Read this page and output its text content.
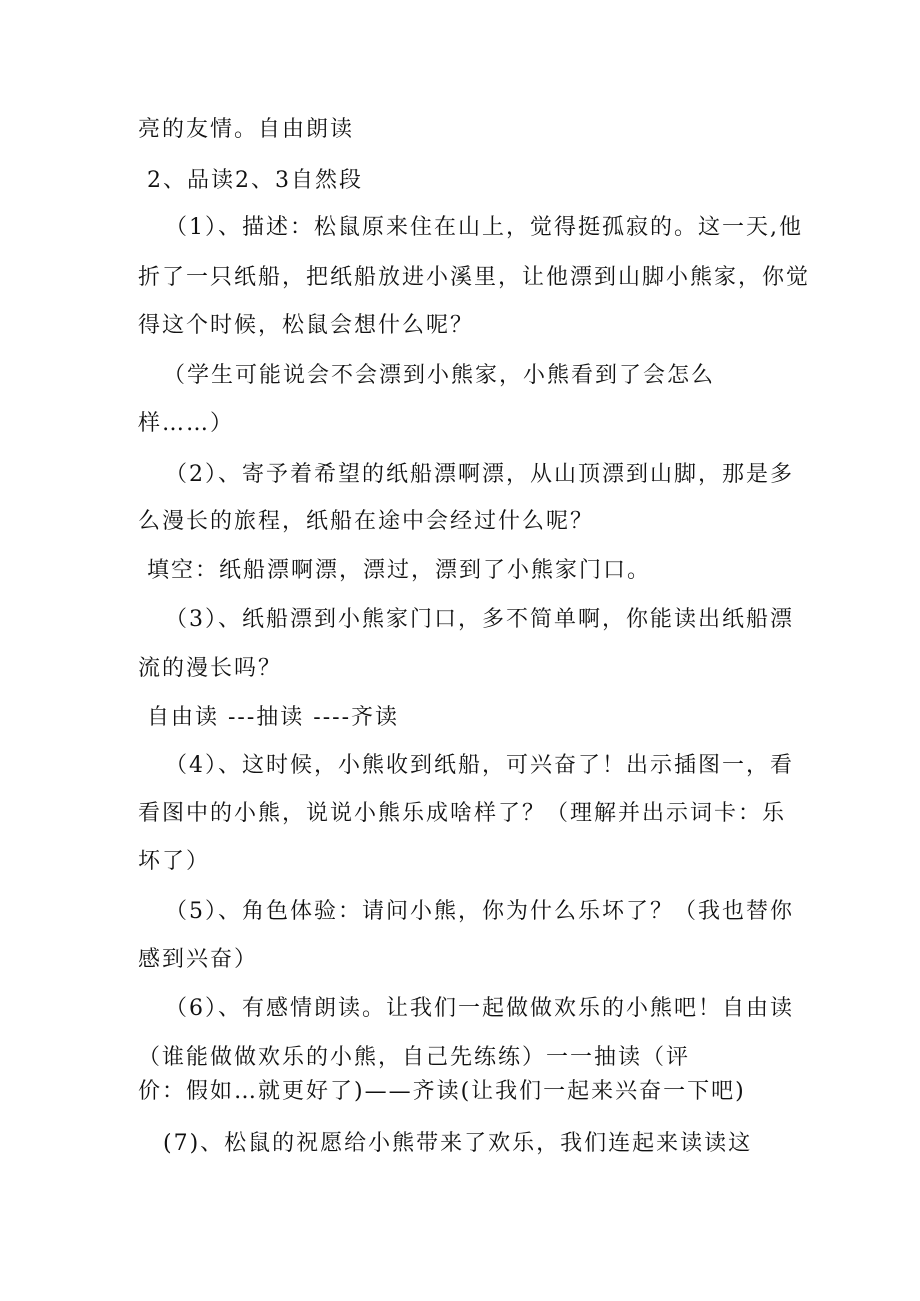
亮的友情。自由朗读
2、品读2、3自然段
（1）、描述：松鼠原来住在山上，觉得挺孤寂的。这一天,他
折了一只纸船，把纸船放进小溪里，让他漂到山脚小熊家，你觉
得这个时候，松鼠会想什么呢？
（学生可能说会不会漂到小熊家，小熊看到了会怎么
样……）
（2）、寄予着希望的纸船漂啊漂，从山顶漂到山脚，那是多
么漫长的旅程，纸船在途中会经过什么呢？
填空：纸船漂啊漂，漂过，漂到了小熊家门口。
（3）、纸船漂到小熊家门口，多不简单啊，你能读出纸船漂
流的漫长吗？
自由读 ---抽读 ----齐读
（4）、这时候，小熊收到纸船，可兴奋了！出示插图一，看
看图中的小熊，说说小熊乐成啥样了？（理解并出示词卡：乐
坏了）
（5）、角色体验：请问小熊，你为什么乐坏了？（我也替你
感到兴奋）
（6）、有感情朗读。让我们一起做做欢乐的小熊吧！自由读
（谁能做做欢乐的小熊，自己先练练）一一抽读（评
价：假如…就更好了)——齐读(让我们一起来兴奋一下吧)
(7)、松鼠的祝愿给小熊带来了欢乐，我们连起来读读这
